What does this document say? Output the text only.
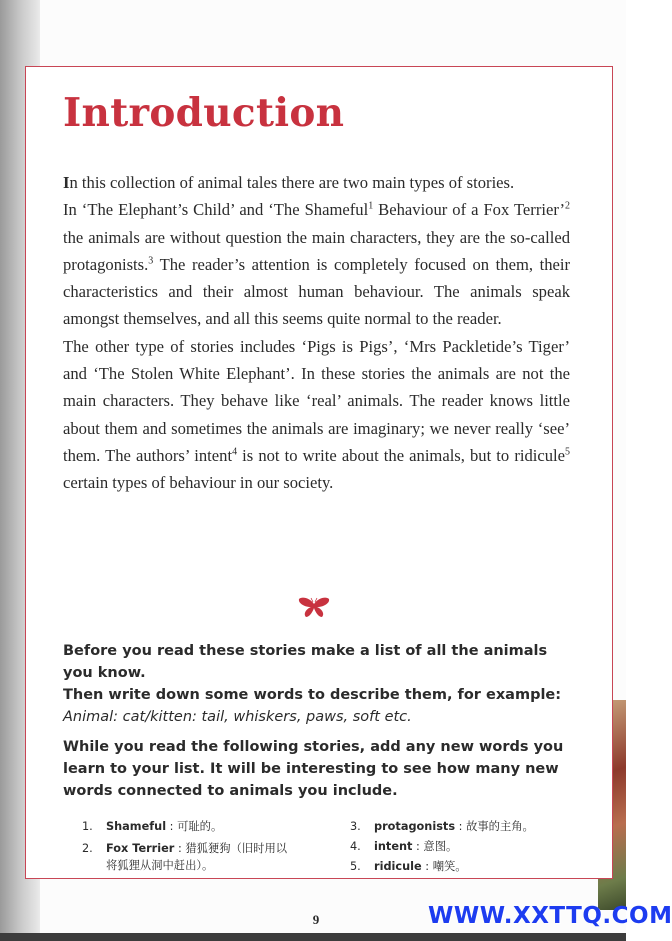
Introduction

In this collection of animal tales there are two main types of stories.

In ‘The Elephant’s Child’ and ‘The Shameful$^1$ Behaviour of a Fox Terrier’$^2$ the animals are without question the main characters, they are the so-called protagonists.$^3$ The reader’s attention is completely focused on them, their characteristics and their almost human behaviour. The animals speak amongst themselves, and all this seems quite normal to the reader.

The other type of stories includes ‘Pigs is Pigs’, ‘Mrs Packletide’s Tiger’ and ‘The Stolen White Elephant’. In these stories the animals are not the main characters. They behave like ‘real’ animals. The reader knows little about them and sometimes the animals are imaginary; we never really ‘see’ them. The authors’ intent$^4$ is not to write about the animals, but to ridicule$^5$ certain types of behaviour in our society.

Before you read these stories make a list of all the animals you know.

Then write down some words to describe them, for example:

Animal: cat/kitten: tail, whiskers, paws, soft etc.

While you read the following stories, add any new words you learn to your list. It will be interesting to see how many new words connected to animals you include.

1. Shameful : 可耻的。
2. Fox Terrier : 猎狐㹴狗（旧时用以
将狐狸从洞中赶出）。
3. protagonists : 故事的主角。
4. intent : 意图。
5. ridicule : 嘲笑。
9	WWW.XXTTQ.COM
